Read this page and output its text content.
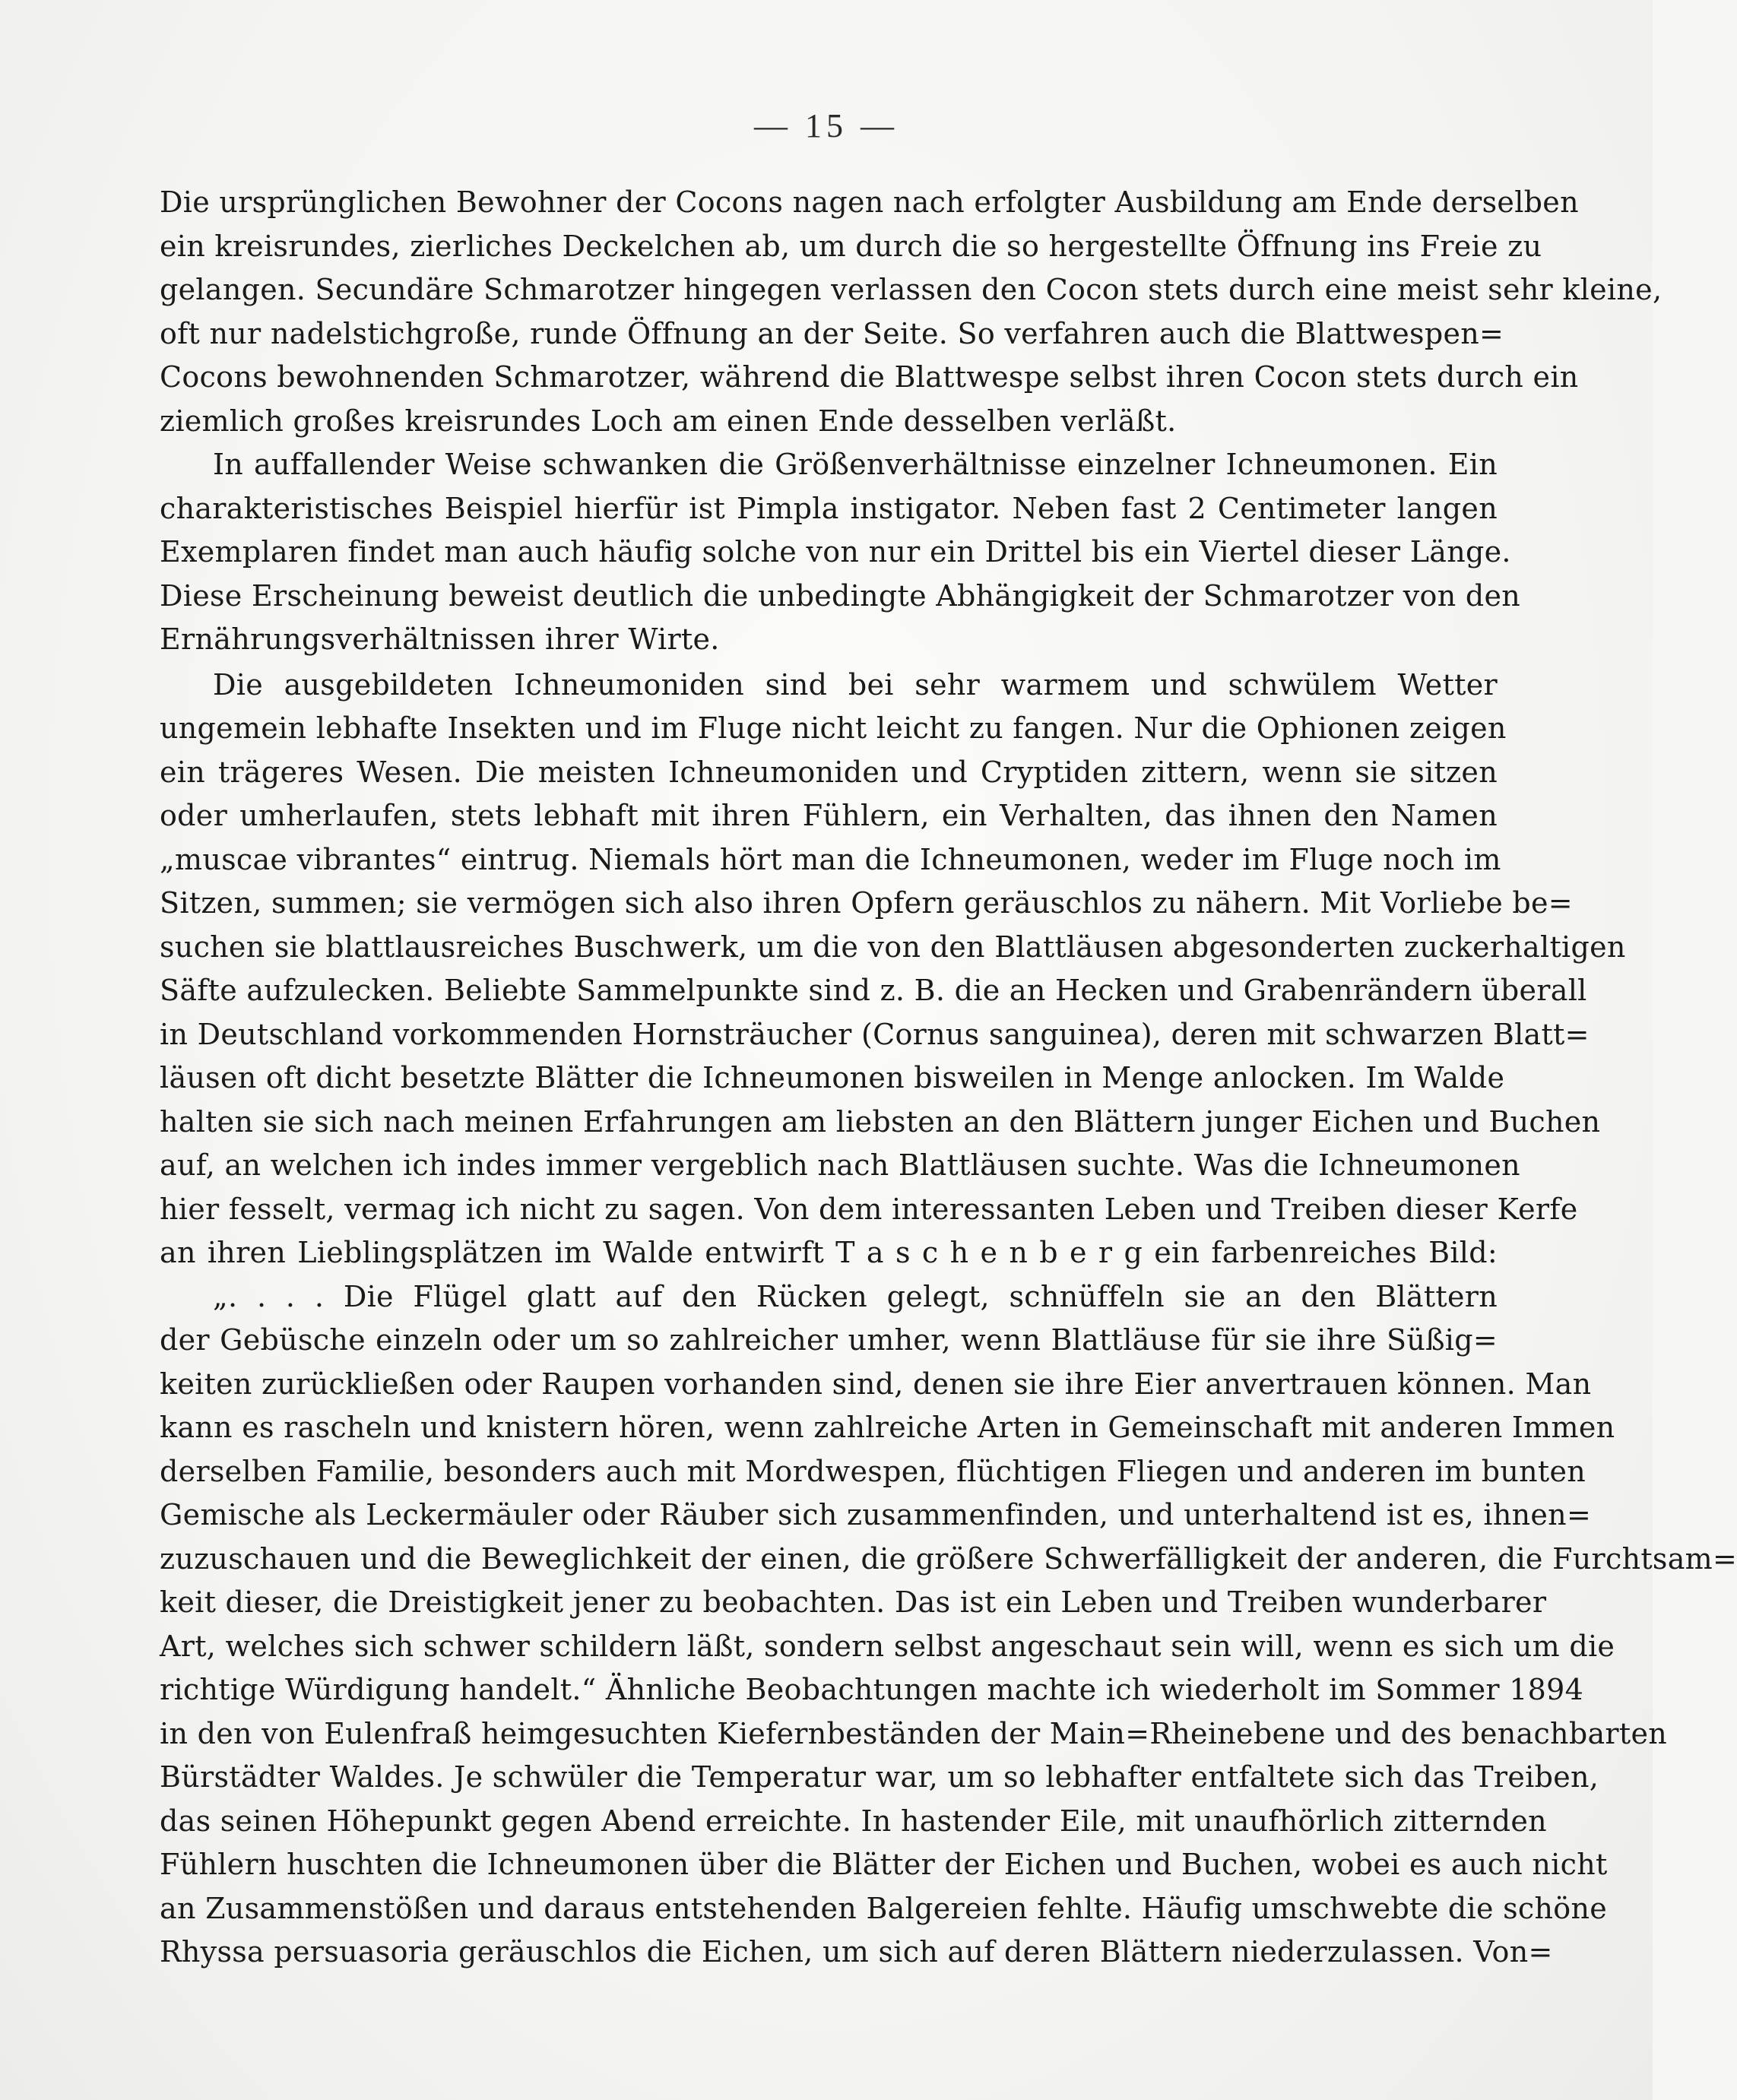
— 15 —
Die ursprünglichen Bewohner der Cocons nagen nach erfolgter Ausbildung am Ende derselben
ein kreisrundes, zierliches Deckelchen ab, um durch die so hergestellte Öffnung ins Freie zu
gelangen. Secundäre Schmarotzer hingegen verlassen den Cocon stets durch eine meist sehr kleine,
oft nur nadelstichgroße, runde Öffnung an der Seite. So verfahren auch die Blattwespen=
Cocons bewohnenden Schmarotzer, während die Blattwespe selbst ihren Cocon stets durch ein
ziemlich großes kreisrundes Loch am einen Ende desselben verläßt.
In auffallender Weise schwanken die Größenverhältnisse einzelner Ichneumonen. Ein
charakteristisches Beispiel hierfür ist Pimpla instigator. Neben fast 2 Centimeter langen
Exemplaren findet man auch häufig solche von nur ein Drittel bis ein Viertel dieser Länge.
Diese Erscheinung beweist deutlich die unbedingte Abhängigkeit der Schmarotzer von den
Ernährungsverhältnissen ihrer Wirte.
Die ausgebildeten Ichneumoniden sind bei sehr warmem und schwülem Wetter
ungemein lebhafte Insekten und im Fluge nicht leicht zu fangen. Nur die Ophionen zeigen
ein trägeres Wesen. Die meisten Ichneumoniden und Cryptiden zittern, wenn sie sitzen
oder umherlaufen, stets lebhaft mit ihren Fühlern, ein Verhalten, das ihnen den Namen
„muscae vibrantes“ eintrug. Niemals hört man die Ichneumonen, weder im Fluge noch im
Sitzen, summen; sie vermögen sich also ihren Opfern geräuschlos zu nähern. Mit Vorliebe be=
suchen sie blattlausreiches Buschwerk, um die von den Blattläusen abgesonderten zuckerhaltigen
Säfte aufzulecken. Beliebte Sammelpunkte sind z. B. die an Hecken und Grabenrändern überall
in Deutschland vorkommenden Hornsträucher (Cornus sanguinea), deren mit schwarzen Blatt=
läusen oft dicht besetzte Blätter die Ichneumonen bisweilen in Menge anlocken. Im Walde
halten sie sich nach meinen Erfahrungen am liebsten an den Blättern junger Eichen und Buchen
auf, an welchen ich indes immer vergeblich nach Blattläusen suchte. Was die Ichneumonen
hier fesselt, vermag ich nicht zu sagen. Von dem interessanten Leben und Treiben dieser Kerfe
an ihren Lieblingsplätzen im Walde entwirft T a s c h e n b e r g ein farbenreiches Bild:
„. . . . Die Flügel glatt auf den Rücken gelegt, schnüffeln sie an den Blättern
der Gebüsche einzeln oder um so zahlreicher umher, wenn Blattläuse für sie ihre Süßig=
keiten zurückließen oder Raupen vorhanden sind, denen sie ihre Eier anvertrauen können. Man
kann es rascheln und knistern hören, wenn zahlreiche Arten in Gemeinschaft mit anderen Immen
derselben Familie, besonders auch mit Mordwespen, flüchtigen Fliegen und anderen im bunten
Gemische als Leckermäuler oder Räuber sich zusammenfinden, und unterhaltend ist es, ihnen=
zuzuschauen und die Beweglichkeit der einen, die größere Schwerfälligkeit der anderen, die Furchtsam=
keit dieser, die Dreistigkeit jener zu beobachten. Das ist ein Leben und Treiben wunderbarer
Art, welches sich schwer schildern läßt, sondern selbst angeschaut sein will, wenn es sich um die
richtige Würdigung handelt.“ Ähnliche Beobachtungen machte ich wiederholt im Sommer 1894
in den von Eulenfraß heimgesuchten Kiefernbeständen der Main=Rheinebene und des benachbarten
Bürstädter Waldes. Je schwüler die Temperatur war, um so lebhafter entfaltete sich das Treiben,
das seinen Höhepunkt gegen Abend erreichte. In hastender Eile, mit unaufhörlich zitternden
Fühlern huschten die Ichneumonen über die Blätter der Eichen und Buchen, wobei es auch nicht
an Zusammenstößen und daraus entstehenden Balgereien fehlte. Häufig umschwebte die schöne
Rhyssa persuasoria geräuschlos die Eichen, um sich auf deren Blättern niederzulassen. Von=
